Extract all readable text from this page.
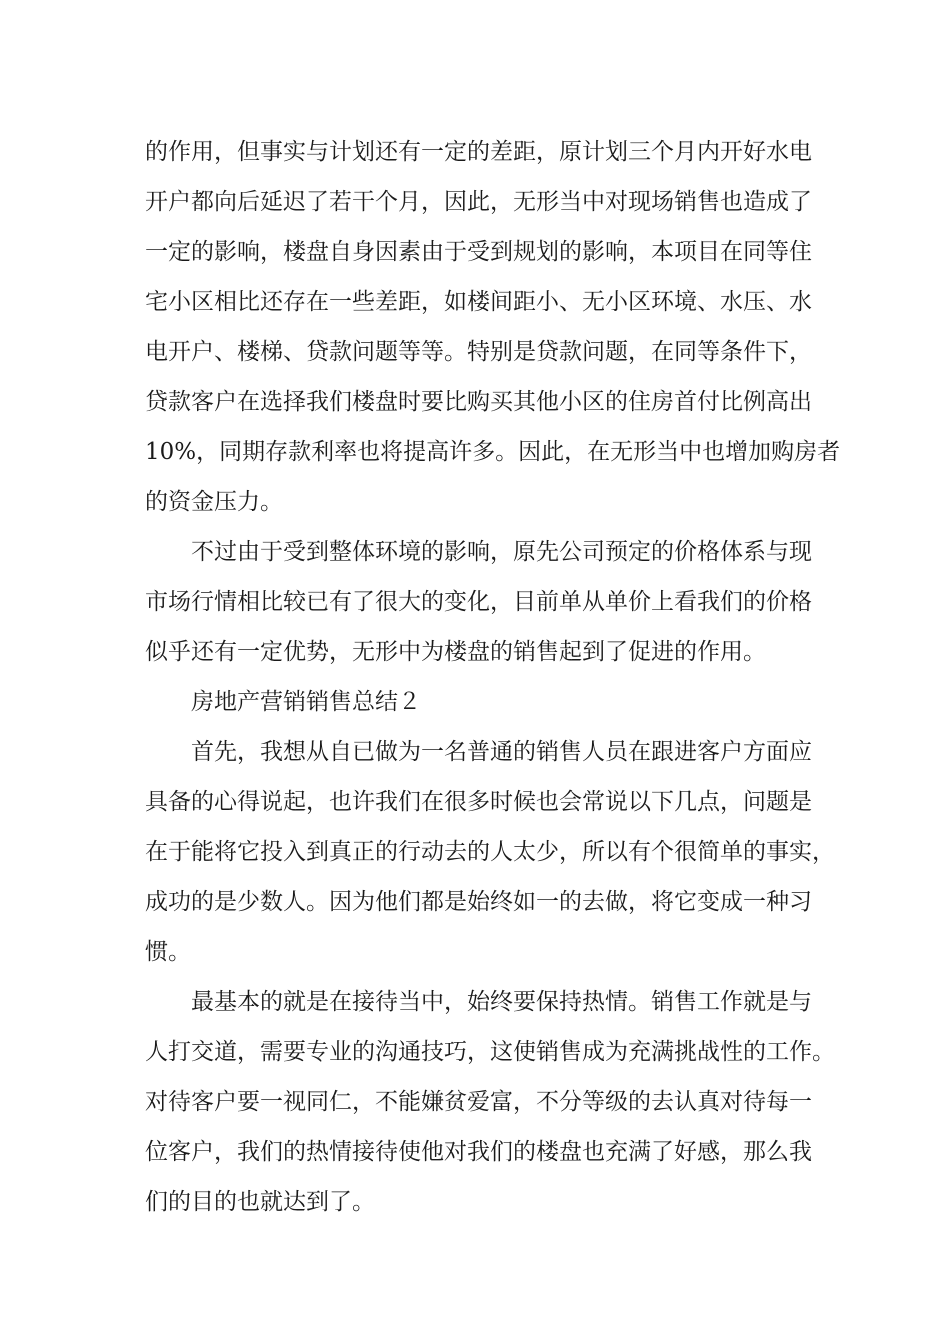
的作用，但事实与计划还有一定的差距，原计划三个月内开好水电
开户都向后延迟了若干个月，因此，无形当中对现场销售也造成了
一定的影响，楼盘自身因素由于受到规划的影响，本项目在同等住
宅小区相比还存在一些差距，如楼间距小、无小区环境、水压、水
电开户、楼梯、贷款问题等等。特别是贷款问题，在同等条件下，
贷款客户在选择我们楼盘时要比购买其他小区的住房首付比例高出
10%，同期存款利率也将提高许多。因此，在无形当中也增加购房者
的资金压力。
不过由于受到整体环境的影响，原先公司预定的价格体系与现
市场行情相比较已有了很大的变化，目前单从单价上看我们的价格
似乎还有一定优势，无形中为楼盘的销售起到了促进的作用。
房地产营销销售总结２
首先，我想从自已做为一名普通的销售人员在跟进客户方面应
具备的心得说起，也许我们在很多时候也会常说以下几点，问题是
在于能将它投入到真正的行动去的人太少，所以有个很简单的事实，
成功的是少数人。因为他们都是始终如一的去做，将它变成一种习
惯。
最基本的就是在接待当中，始终要保持热情。销售工作就是与
人打交道，需要专业的沟通技巧，这使销售成为充满挑战性的工作。
对待客户要一视同仁，不能嫌贫爱富，不分等级的去认真对待每一
位客户，我们的热情接待使他对我们的楼盘也充满了好感，那么我
们的目的也就达到了。
